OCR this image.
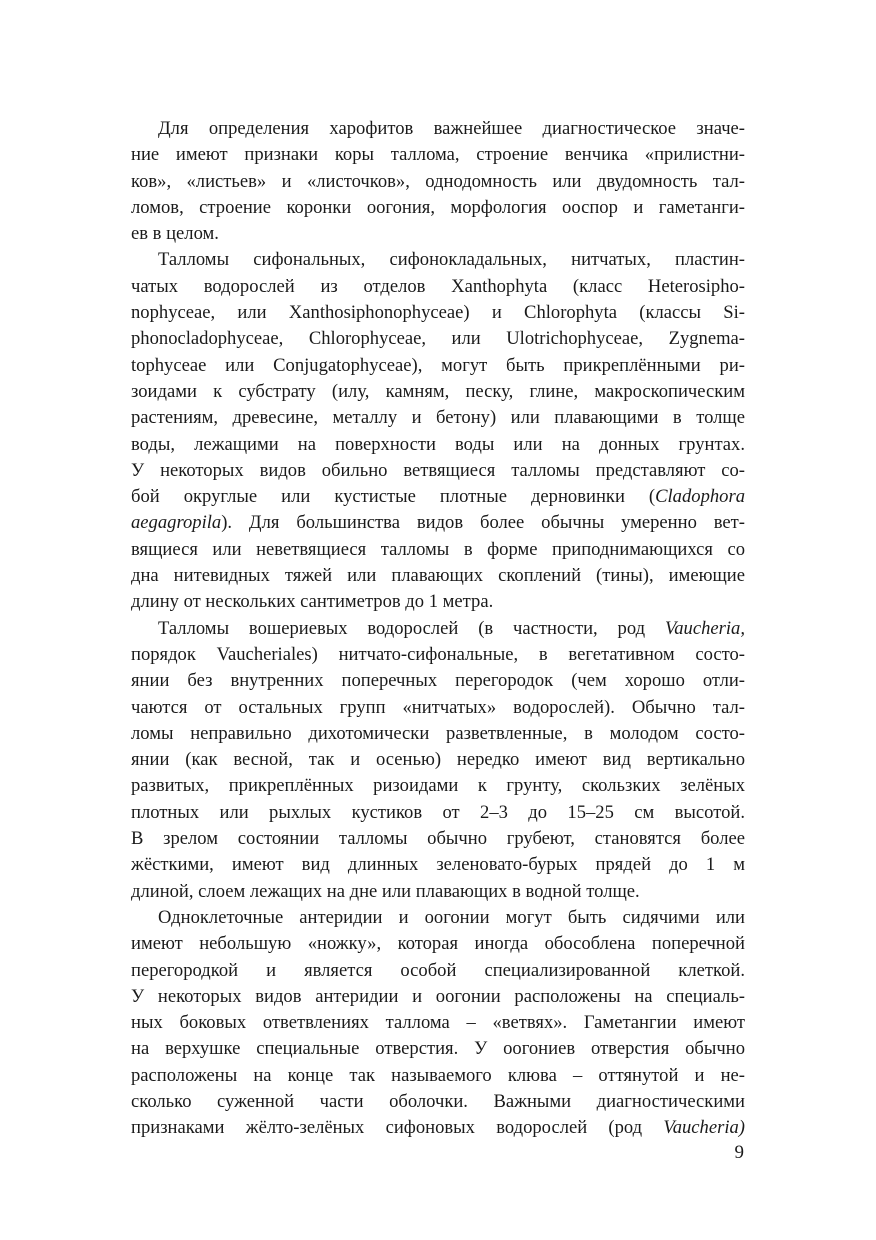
Для определения харофитов важнейшее диагностическое значе-
ние имеют признаки коры таллома, строение венчика «прилистни-
ков», «листьев» и «листочков», однодомность или двудомность тал-
ломов, строение коронки оогония, морфология ооспор и гаметанги-
ев в целом.
Талломы сифональных, сифонокладальных, нитчатых, пластин-
чатых водорослей из отделов Xanthophyta (класс Heterosipho-
nophyceae, или Xanthosiphonophyceae) и Chlorophyta (классы Si-
phonocladophyceae, Chlorophyceae, или Ulotrichophyceae, Zygnema-
tophyceae или Conjugatophyceae), могут быть прикреплёнными ри-
зоидами к субстрату (илу, камням, песку, глине, макроскопическим
растениям, древесине, металлу и бетону) или плавающими в толще
воды, лежащими на поверхности воды или на донных грунтах.
У некоторых видов обильно ветвящиеся талломы представляют со-
бой округлые или кустистые плотные дерновинки (Cladophora
aegagropila). Для большинства видов более обычны умеренно вет-
вящиеся или неветвящиеся талломы в форме приподнимающихся со
дна нитевидных тяжей или плавающих скоплений (тины), имеющие
длину от нескольких сантиметров до 1 метра.
Талломы вошериевых водорослей (в частности, род Vaucheria,
порядок Vaucheriales) нитчато-сифональные, в вегетативном состо-
янии без внутренних поперечных перегородок (чем хорошо отли-
чаются от остальных групп «нитчатых» водорослей). Обычно тал-
ломы неправильно дихотомически разветвленные, в молодом состо-
янии (как весной, так и осенью) нередко имеют вид вертикально
развитых, прикреплённых ризоидами к грунту, скользких зелёных
плотных или рыхлых кустиков от 2–3 до 15–25 см высотой.
В зрелом состоянии талломы обычно грубеют, становятся более
жёсткими, имеют вид длинных зеленовато-бурых прядей до 1 м
длиной, слоем лежащих на дне или плавающих в водной толще.
Одноклеточные антеридии и оогонии могут быть сидячими или
имеют небольшую «ножку», которая иногда обособлена поперечной
перегородкой и является особой специализированной клеткой.
У некоторых видов антеридии и оогонии расположены на специаль-
ных боковых ответвлениях таллома – «ветвях». Гаметангии имеют
на верхушке специальные отверстия. У оогониев отверстия обычно
расположены на конце так называемого клюва – оттянутой и не-
сколько суженной части оболочки. Важными диагностическими
признаками жёлто-зелёных сифоновых водорослей (род Vaucheria)
9
